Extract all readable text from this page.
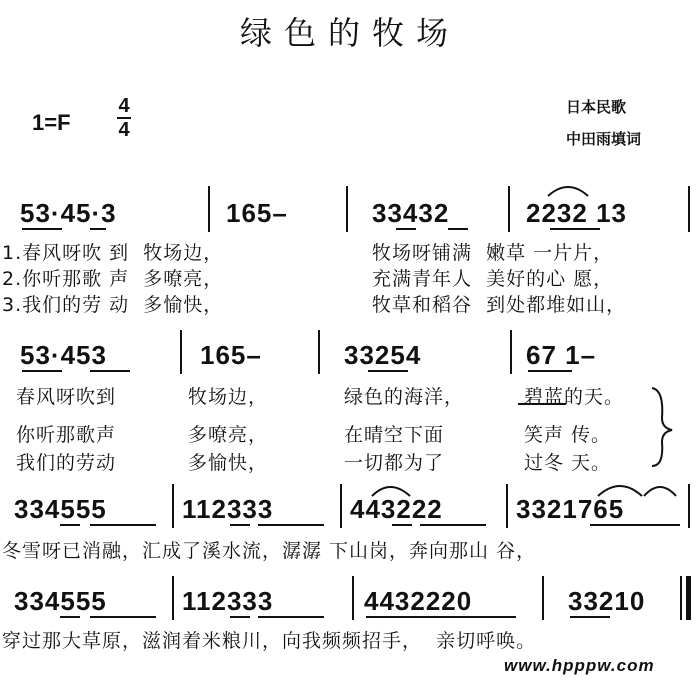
绿色的牧场
1=F
4
4
日本民歌
中田雨填词
53·45·3	165–	33432	2232 13
1.春风呀吹 到  牧场边，	牧场呀铺满  嫩草 一片片，
2.你听那歌 声  多嘹亮，	充满青年人  美好的心 愿，
3.我们的劳 动  多愉快，	牧草和稻谷  到处都堆如山，
53·453	165–	33254	67 1–
春风呀吹到	牧场边，	绿色的海洋，	碧蓝的天。
你听那歌声	多嘹亮，	在晴空下面	笑声 传。
我们的劳动	多愉快，	一切都为了	过冬 天。
334555	112333	443222	3321765
冬雪呀已消融，汇成了溪水流，潺潺 下山岗，奔向那山 谷，
334555	112333	4432220	33210
穿过那大草原，滋润着米粮川，向我频频招手，  亲切呼唤。
www.hpppw.com
